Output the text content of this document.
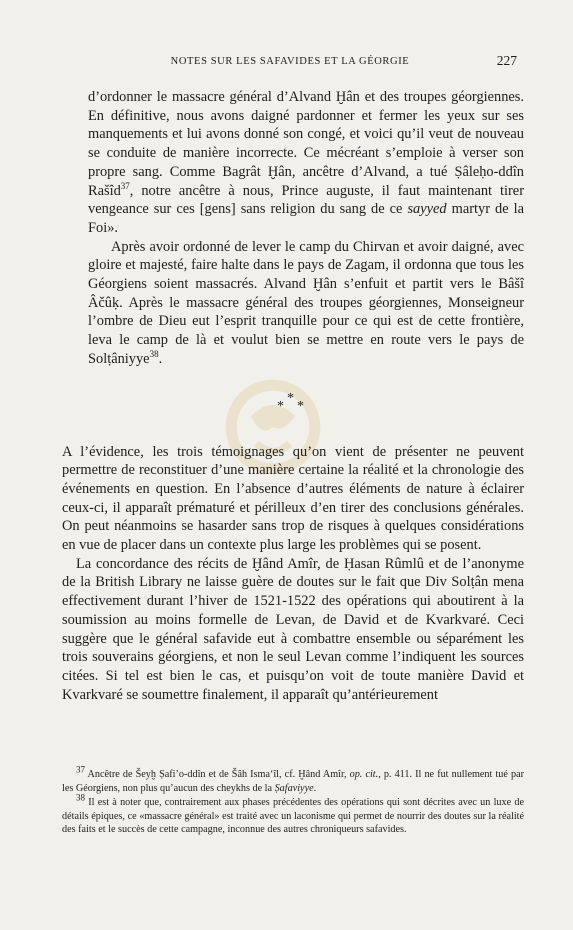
NOTES SUR LES SAFAVIDES ET LA GÉORGIE	227

d’ordonner le massacre général d’Alvand Ḫân et des troupes géorgiennes. En définitive, nous avons daigné pardonner et fermer les yeux sur ses manquements et lui avons donné son congé, et voici qu’il veut de nouveau se conduite de manière incorrecte. Ce mécréant s’emploie à verser son propre sang. Comme Bagrât Ḫân, ancêtre d’Alvand, a tué Ṣâleḥo-ddîn Rašîd$^{37}$, notre ancêtre à nous, Prince auguste, il faut maintenant tirer vengeance sur ces [gens] sans religion du sang de ce sayyed martyr de la Foi».

Après avoir ordonné de lever le camp du Chirvan et avoir daigné, avec gloire et majesté, faire halte dans le pays de Zagam, il ordonna que tous les Géorgiens soient massacrés. Alvand Ḫân s’enfuit et partit vers le Bâšî Âčûḳ. Après le massacre général des troupes géorgiennes, Monseigneur l’ombre de Dieu eut l’esprit tranquille pour ce qui est de cette frontière, leva le camp de là et voulut bien se mettre en route vers le pays de Solṭâniyye$^{38}$.

*
* *

A l’évidence, les trois témoignages qu’on vient de présenter ne peuvent permettre de reconstituer d’une manière certaine la réalité et la chronologie des événements en question. En l’absence d’autres éléments de nature à éclairer ceux-ci, il apparaît prématuré et périlleux d’en tirer des conclusions générales. On peut néanmoins se hasarder sans trop de risques à quelques considérations en vue de placer dans un contexte plus large les problèmes qui se posent.

La concordance des récits de Ḫând Amîr, de Ḥasan Rûmlû et de l’anonyme de la British Library ne laisse guère de doutes sur le fait que Div Solṭân mena effectivement durant l’hiver de 1521-1522 des opérations qui aboutirent à la soumission au moins formelle de Levan, de David et de Kvarkvaré. Ceci suggère que le général safavide eut à combattre ensemble ou séparément les trois souverains géorgiens, et non le seul Levan comme l’indiquent les sources citées. Si tel est bien le cas, et puisqu’on voit de toute manière David et Kvarkvaré se soumettre finalement, il apparaît qu’antérieurement

$^{37}$ Ancêtre de Šeyḫ Ṣafi’o-ddîn et de Šâh Isma‘îl, cf. Ḫând Amîr, op. cit., p. 411. Il ne fut nullement tué par les Géorgiens, non plus qu’aucun des cheykhs de la Ṣafaviyye.

$^{38}$ Il est à noter que, contrairement aux phases précédentes des opérations qui sont décrites avec un luxe de détails épiques, ce «massacre général» est traité avec un laconisme qui permet de nourrir des doutes sur la réalité des faits et le succès de cette campagne, inconnue des autres chroniqueurs safavides.
